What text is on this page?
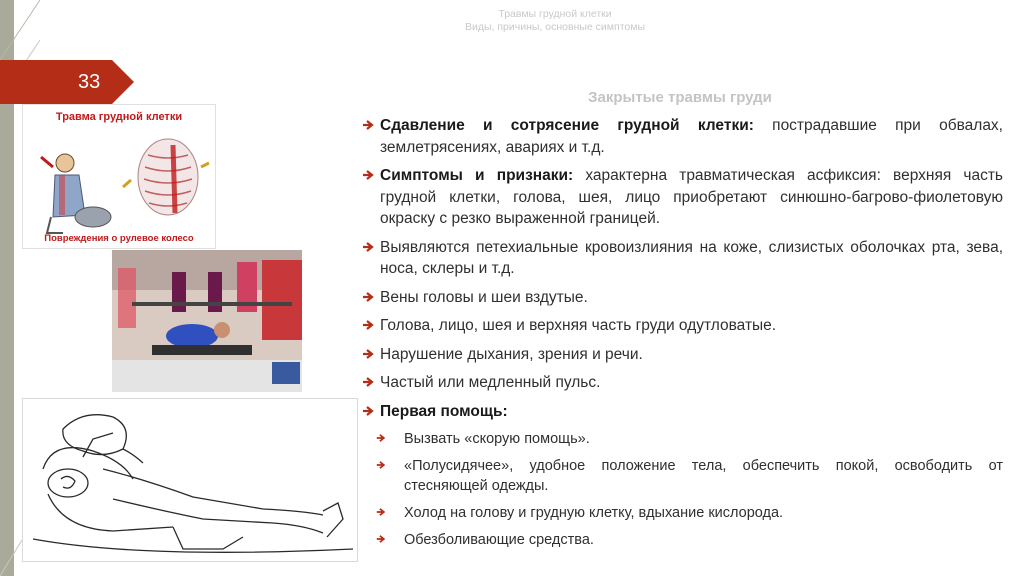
Травмы грудной клетки
Виды, причины, основные симптомы
33
Закрытые травмы груди
Травма грудной клетки
Повреждения о рулевое колесо

Сдавление и сотрясение грудной клетки: пострадавшие при обвалах, землетрясениях, авариях и т.д.

Симптомы и признаки: характерна травматическая асфиксия: верхняя часть грудной клетки, голова, шея, лицо приобретают синюшно-багрово-фиолетовую окраску с резко выраженной границей.

Выявляются петехиальные кровоизлияния на коже, слизистых оболочках рта, зева, носа, склеры и т.д.

Вены головы и шеи вздутые.

Голова, лицо, шея и верхняя часть груди одутловатые.

Нарушение дыхания, зрения и речи.

Частый или медленный пульс.

Первая помощь:

Вызвать «скорую помощь».

«Полусидячее», удобное положение тела, обеспечить покой, освободить от стесняющей одежды.

Холод на голову и грудную клетку, вдыхание кислорода.

Обезболивающие средства.
